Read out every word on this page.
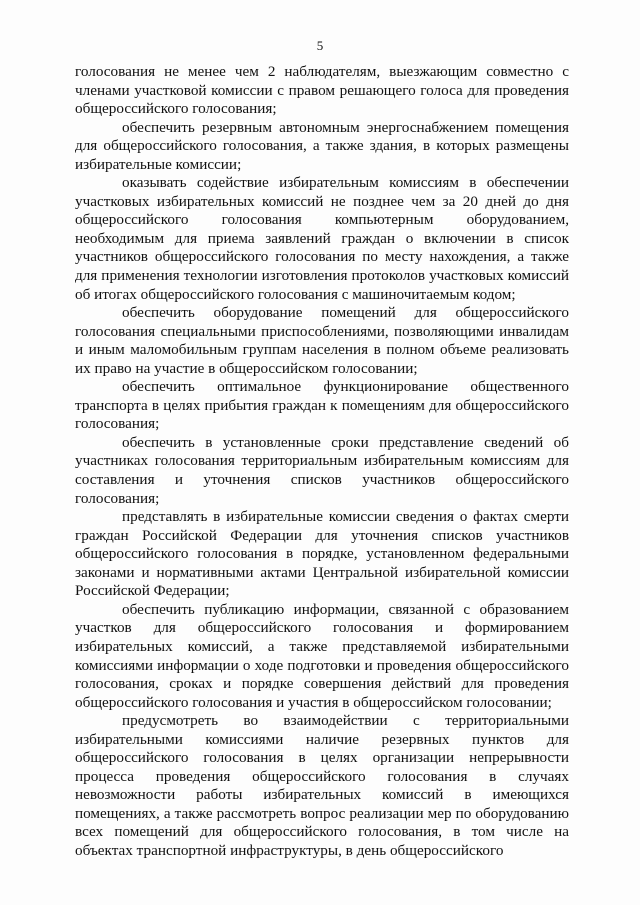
5

голосования не менее чем 2 наблюдателям, выезжающим совместно с членами участковой комиссии с правом решающего голоса для проведения общероссийского голосования;

обеспечить резервным автономным энергоснабжением помещения для общероссийского голосования, а также здания, в которых размещены избирательные комиссии;

оказывать содействие избирательным комиссиям в обеспечении участковых избирательных комиссий не позднее чем за 20 дней до дня общероссийского голосования компьютерным оборудованием, необходимым для приема заявлений граждан о включении в список участников общероссийского голосования по месту нахождения, а также для применения технологии изготовления протоколов участковых комиссий об итогах общероссийского голосования с машиночитаемым кодом;

обеспечить оборудование помещений для общероссийского голосования специальными приспособлениями, позволяющими инвалидам и иным маломобильным группам населения в полном объеме реализовать их право на участие в общероссийском голосовании;

обеспечить оптимальное функционирование общественного транспорта в целях прибытия граждан к помещениям для общероссийского голосования;

обеспечить в установленные сроки представление сведений об участниках голосования территориальным избирательным комиссиям для составления и уточнения списков участников общероссийского голосования;

представлять в избирательные комиссии сведения о фактах смерти граждан Российской Федерации для уточнения списков участников общероссийского голосования в порядке, установленном федеральными законами и нормативными актами Центральной избирательной комиссии Российской Федерации;

обеспечить публикацию информации, связанной с образованием участков для общероссийского голосования и формированием избирательных комиссий, а также представляемой избирательными комиссиями информации о ходе подготовки и проведения общероссийского голосования, сроках и порядке совершения действий для проведения общероссийского голосования и участия в общероссийском голосовании;

предусмотреть во взаимодействии с территориальными избирательными комиссиями наличие резервных пунктов для общероссийского голосования в целях организации непрерывности процесса проведения общероссийского голосования в случаях невозможности работы избирательных комиссий в имеющихся помещениях, а также рассмотреть вопрос реализации мер по оборудованию всех помещений для общероссийского голосования, в том числе на объектах транспортной инфраструктуры, в день общероссийского
